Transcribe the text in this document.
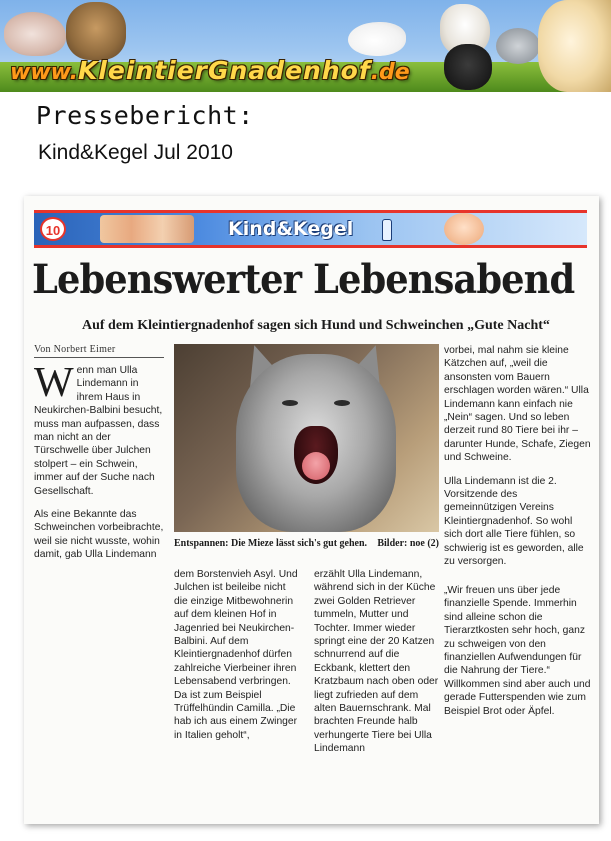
www.KleintierGnadenhof.de
Pressebericht:
Kind&Kegel Jul 2010
10	Kind&Kegel
Lebenswerter Lebensabend
Auf dem Kleintiergnadenhof sagen sich Hund und Schweinchen „Gute Nacht“
Von Norbert Eimer
W enn man Ulla Lindemann in ihrem Haus in Neukirchen-Balbini besucht, muss man aufpassen, dass man nicht an der Türschwelle über Julchen stolpert – ein Schwein, immer auf der Suche nach Gesellschaft.
Als eine Bekannte das Schweinchen vorbeibrachte, weil sie nicht wusste, wohin damit, gab Ulla Lindemann
Entspannen: Die Mieze lässt sich's gut gehen. Bilder: noe (2)
vorbei, mal nahm sie kleine Kätzchen auf, „weil die ansonsten vom Bauern erschlagen worden wären.“ Ulla Lindemann kann einfach nie „Nein“ sagen. Und so leben derzeit rund 80 Tiere bei ihr – darunter Hunde, Schafe, Ziegen und Schweine.
Ulla Lindemann ist die 2. Vorsitzende des gemeinnützigen Vereins Kleintiergnadenhof. So wohl sich dort alle Tiere fühlen, so schwierig ist es geworden, alle zu versorgen.
dem Borstenvieh Asyl. Und Julchen ist beileibe nicht die einzige Mitbewohnerin auf dem kleinen Hof in Jagenried bei Neukirchen-Balbini. Auf dem Kleintiergnadenhof dürfen zahlreiche Vierbeiner ihren Lebensabend verbringen. Da ist zum Beispiel Trüffelhündin Camilla. „Die hab ich aus einem Zwinger in Italien geholt“,
erzählt Ulla Lindemann, während sich in der Küche zwei Golden Retriever tummeln, Mutter und Tochter. Immer wieder springt eine der 20 Katzen schnurrend auf die Eckbank, klettert den Kratzbaum nach oben oder liegt zufrieden auf dem alten Bauernschrank. Mal brachten Freunde halb verhungerte Tiere bei Ulla Lindemann
„Wir freuen uns über jede finanzielle Spende. Immerhin sind alleine schon die Tierarztkosten sehr hoch, ganz zu schweigen von den finanziellen Aufwendungen für die Nahrung der Tiere.“ Willkommen sind aber auch und gerade Futterspenden wie zum Beispiel Brot oder Äpfel.
